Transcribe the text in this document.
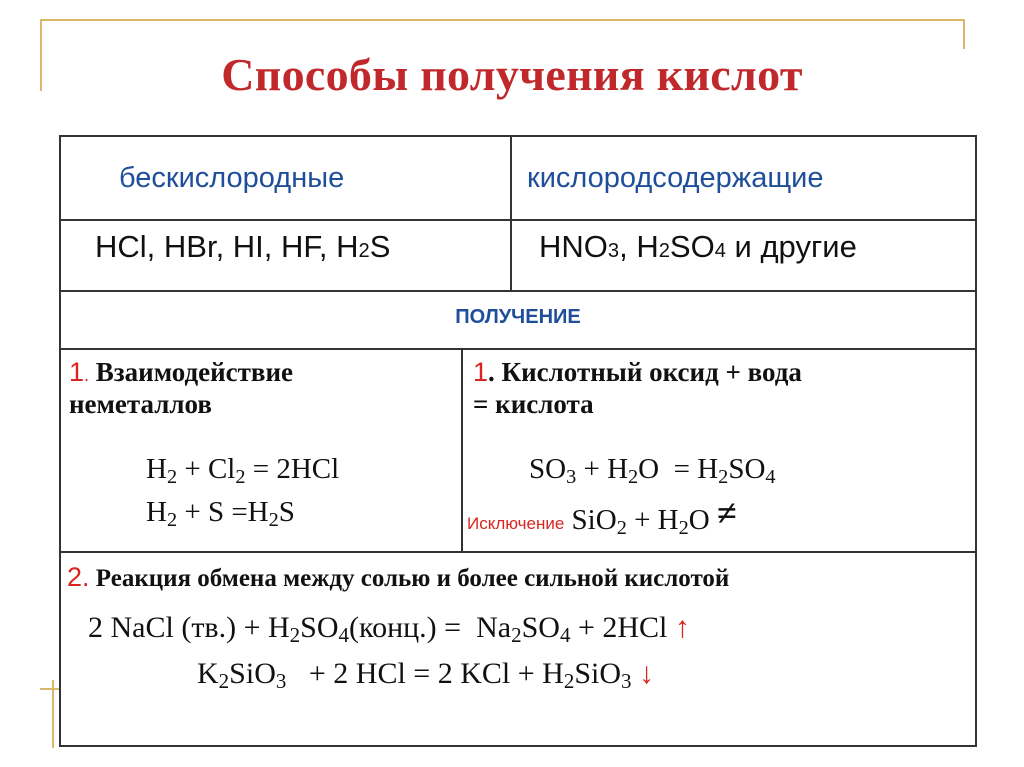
Способы получения кислот
бескислородные	кислородсодержащие
HCl, HBr, HI, HF, H2S	HNO3, H2SO4 и другие
ПОЛУЧЕНИЕ
1. Взаимодействие
неметаллов
H2 + Cl2 = 2HCl
H2 + S =H2S
1. Кислотный оксид + вода
= кислота
SO3 + H2O  = H2SO4
Исключение SiO2 + H2O ≠
2. Реакция обмена между солью и более сильной кислотой
2 NaCl (тв.) + H2SO4(конц.) =  Na2SO4 + 2HCl ↑
K2SiO3   + 2 HCl = 2 KCl + H2SiO3 ↓
